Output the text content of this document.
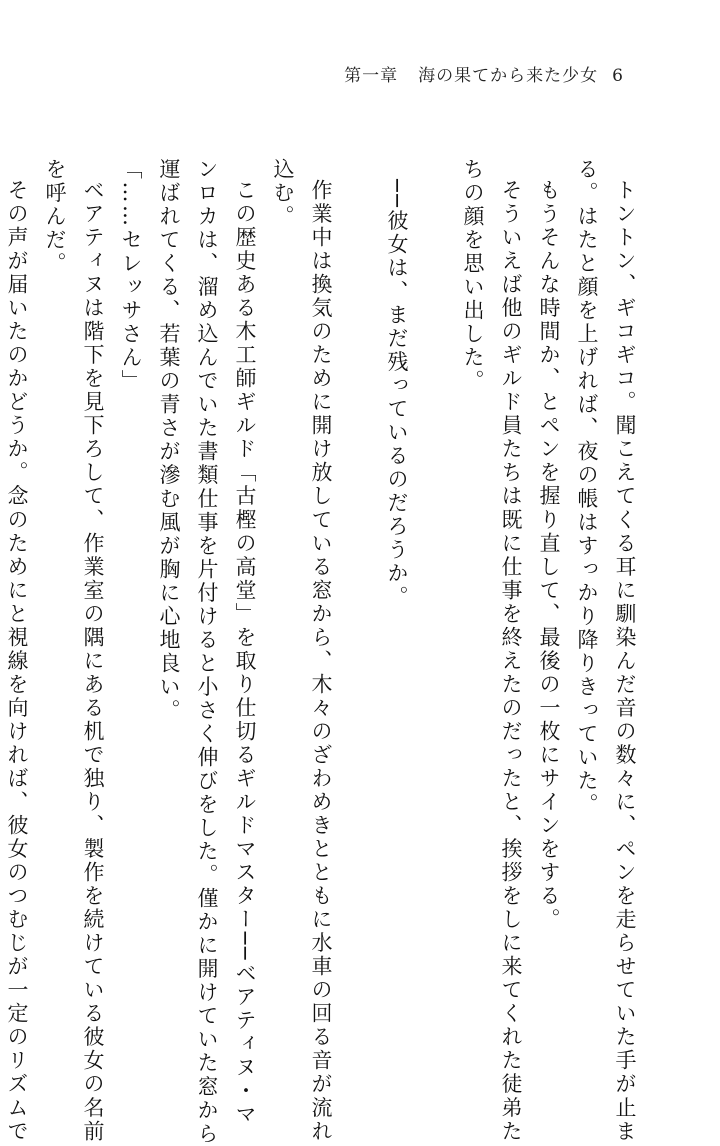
第一章 海の果てから来た少女 6
トントン、ギコギコ。聞こえてくる耳に馴染んだ音の数々に、ペンを走らせていた手が止ま
る。はたと顔を上げれば、夜の帳はすっかり降りきっていた。
もうそんな時間か、とペンを握り直して、最後の一枚にサインをする。
そういえば他のギルド員たちは既に仕事を終えたのだったと、挨拶をしに来てくれた徒弟た
ちの顔を思い出した。
──彼女は、まだ残っているのだろうか。
作業中は換気のために開け放している窓から、木々のざわめきとともに水車の回る音が流れ
込む。
この歴史ある木工師ギルド「古樫の高堂」を取り仕切るギルドマスター──ベアティヌ・マ
ンロカは、溜め込んでいた書類仕事を片付けると小さく伸びをした。僅かに開けていた窓から
運ばれてくる、若葉の青さが滲む風が胸に心地良い。
「……セレッサさん」
ベアティヌは階下を見下ろして、作業室の隅にある机で独り、製作を続けている彼女の名前
を呼んだ。
その声が届いたのかどうか。念のためにと視線を向ければ、彼女のつむじが一定のリズムで
